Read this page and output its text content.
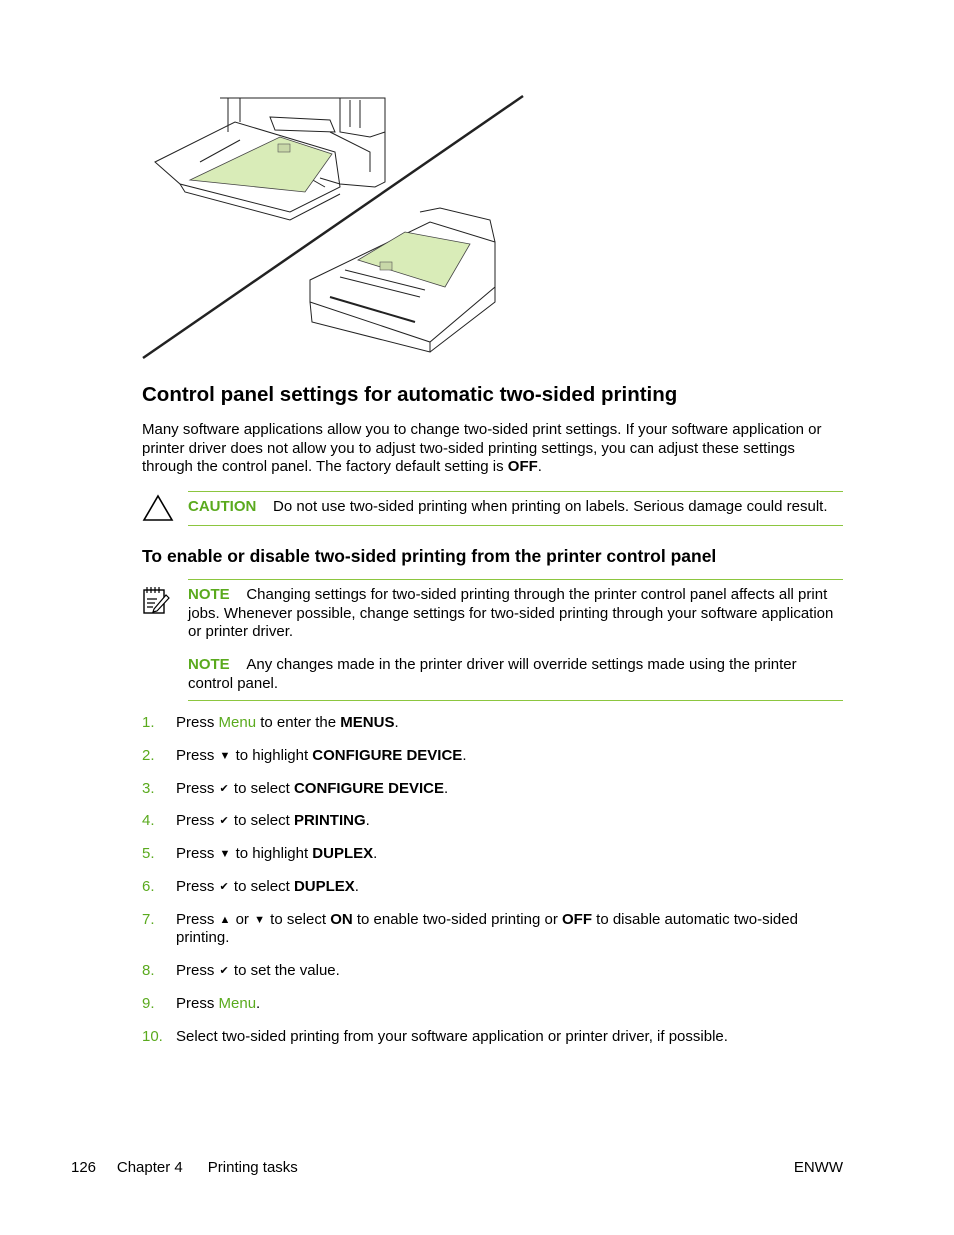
Control panel settings for automatic two-sided printing

Many software applications allow you to change two-sided print settings. If your software application or printer driver does not allow you to adjust two-sided printing settings, you can adjust these settings through the control panel. The factory default setting is OFF.

CAUTION Do not use two-sided printing when printing on labels. Serious damage could result.
To enable or disable two-sided printing from the printer control panel

NOTE Changing settings for two-sided printing through the printer control panel affects all print jobs. Whenever possible, change settings for two-sided printing through your software application or printer driver.

NOTE Any changes made in the printer driver will override settings made using the printer control panel.

1. Press Menu to enter the MENUS.
2. Press ▼ to highlight CONFIGURE DEVICE.
3. Press ✔ to select CONFIGURE DEVICE.
4. Press ✔ to select PRINTING.
5. Press ▼ to highlight DUPLEX.
6. Press ✔ to select DUPLEX.
7. Press ▲ or ▼ to select ON to enable two-sided printing or OFF to disable automatic two-sided printing.
8. Press ✔ to set the value.
9. Press Menu.
10. Select two-sided printing from your software application or printer driver, if possible.
126 Chapter 4 Printing tasks	ENWW
